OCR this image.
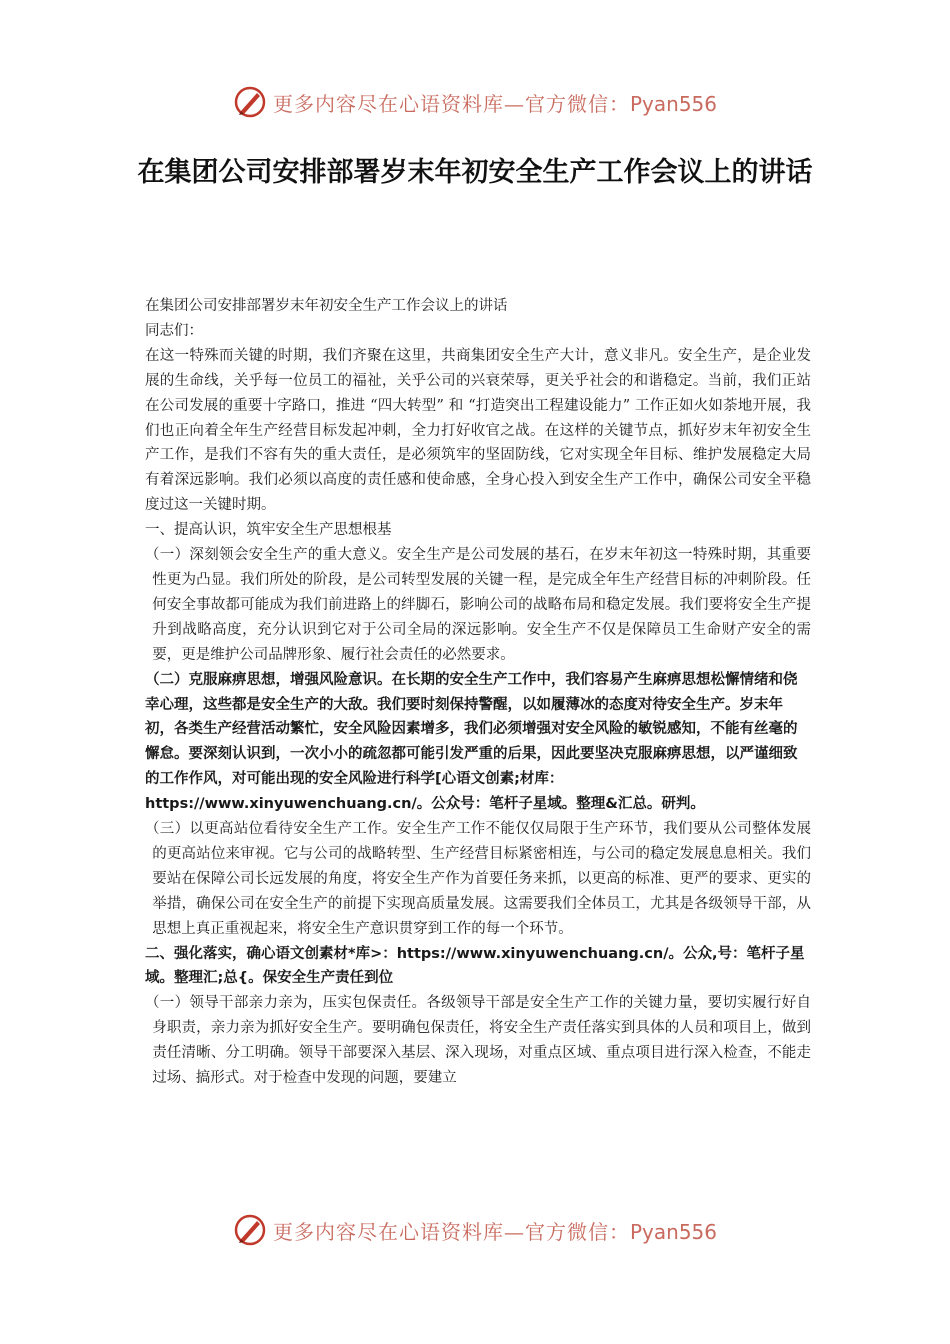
更多内容尽在心语资料库—官方微信：Pyan556
在集团公司安排部署岁末年初安全生产工作会议上的讲话

在集团公司安排部署岁末年初安全生产工作会议上的讲话

同志们：

在这一特殊而关键的时期，我们齐聚在这里，共商集团安全生产大计，意义非凡。安全生产，是企业发展的生命线，关乎每一位员工的福祉，关乎公司的兴衰荣辱，更关乎社会的和谐稳定。当前，我们正站在公司发展的重要十字路口，推进 “四大转型” 和 “打造突出工程建设能力” 工作正如火如荼地开展，我们也正向着全年生产经营目标发起冲刺，全力打好收官之战。在这样的关键节点，抓好岁末年初安全生产工作，是我们不容有失的重大责任，是必须筑牢的坚固防线，它对实现全年目标、维护发展稳定大局有着深远影响。我们必须以高度的责任感和使命感，全身心投入到安全生产工作中，确保公司安全平稳度过这一关键时期。

一、提高认识，筑牢安全生产思想根基

（一）深刻领会安全生产的重大意义。安全生产是公司发展的基石，在岁末年初这一特殊时期，其重要性更为凸显。我们所处的阶段，是公司转型发展的关键一程，是完成全年生产经营目标的冲刺阶段。任何安全事故都可能成为我们前进路上的绊脚石，影响公司的战略布局和稳定发展。我们要将安全生产提升到战略高度，充分认识到它对于公司全局的深远影响。安全生产不仅是保障员工生命财产安全的需要，更是维护公司品牌形象、履行社会责任的必然要求。

（二）克服麻痹思想，增强风险意识。在长期的安全生产工作中，我们容易产生麻痹思想松懈情绪和侥幸心理，这些都是安全生产的大敌。我们要时刻保持警醒，以如履薄冰的态度对待安全生产。岁末年初，各类生产经营活动繁忙，安全风险因素增多，我们必须增强对安全风险的敏锐感知，不能有丝毫的懈怠。要深刻认识到，一次小小的疏忽都可能引发严重的后果，因此要坚决克服麻痹思想，以严谨细致的工作作风，对可能出现的安全风险进行科学[心语文创素;材库：https://www.xinyuwenchuang.cn/。公众号：笔杆子星域。整理&汇总。研判。

（三）以更高站位看待安全生产工作。安全生产工作不能仅仅局限于生产环节，我们要从公司整体发展的更高站位来审视。它与公司的战略转型、生产经营目标紧密相连，与公司的稳定发展息息相关。我们要站在保障公司长远发展的角度，将安全生产作为首要任务来抓，以更高的标准、更严的要求、更实的举措，确保公司在安全生产的前提下实现高质量发展。这需要我们全体员工，尤其是各级领导干部，从思想上真正重视起来，将安全生产意识贯穿到工作的每一个环节。

二、强化落实，确心语文创素材*库>：https://www.xinyuwenchuang.cn/。公众,号：笔杆子星域。整理汇;总{。保安全生产责任到位

（一）领导干部亲力亲为，压实包保责任。各级领导干部是安全生产工作的关键力量，要切实履行好自身职责，亲力亲为抓好安全生产。要明确包保责任，将安全生产责任落实到具体的人员和项目上，做到责任清晰、分工明确。领导干部要深入基层、深入现场，对重点区域、重点项目进行深入检查，不能走过场、搞形式。对于检查中发现的问题，要建立

更多内容尽在心语资料库—官方微信：Pyan556
